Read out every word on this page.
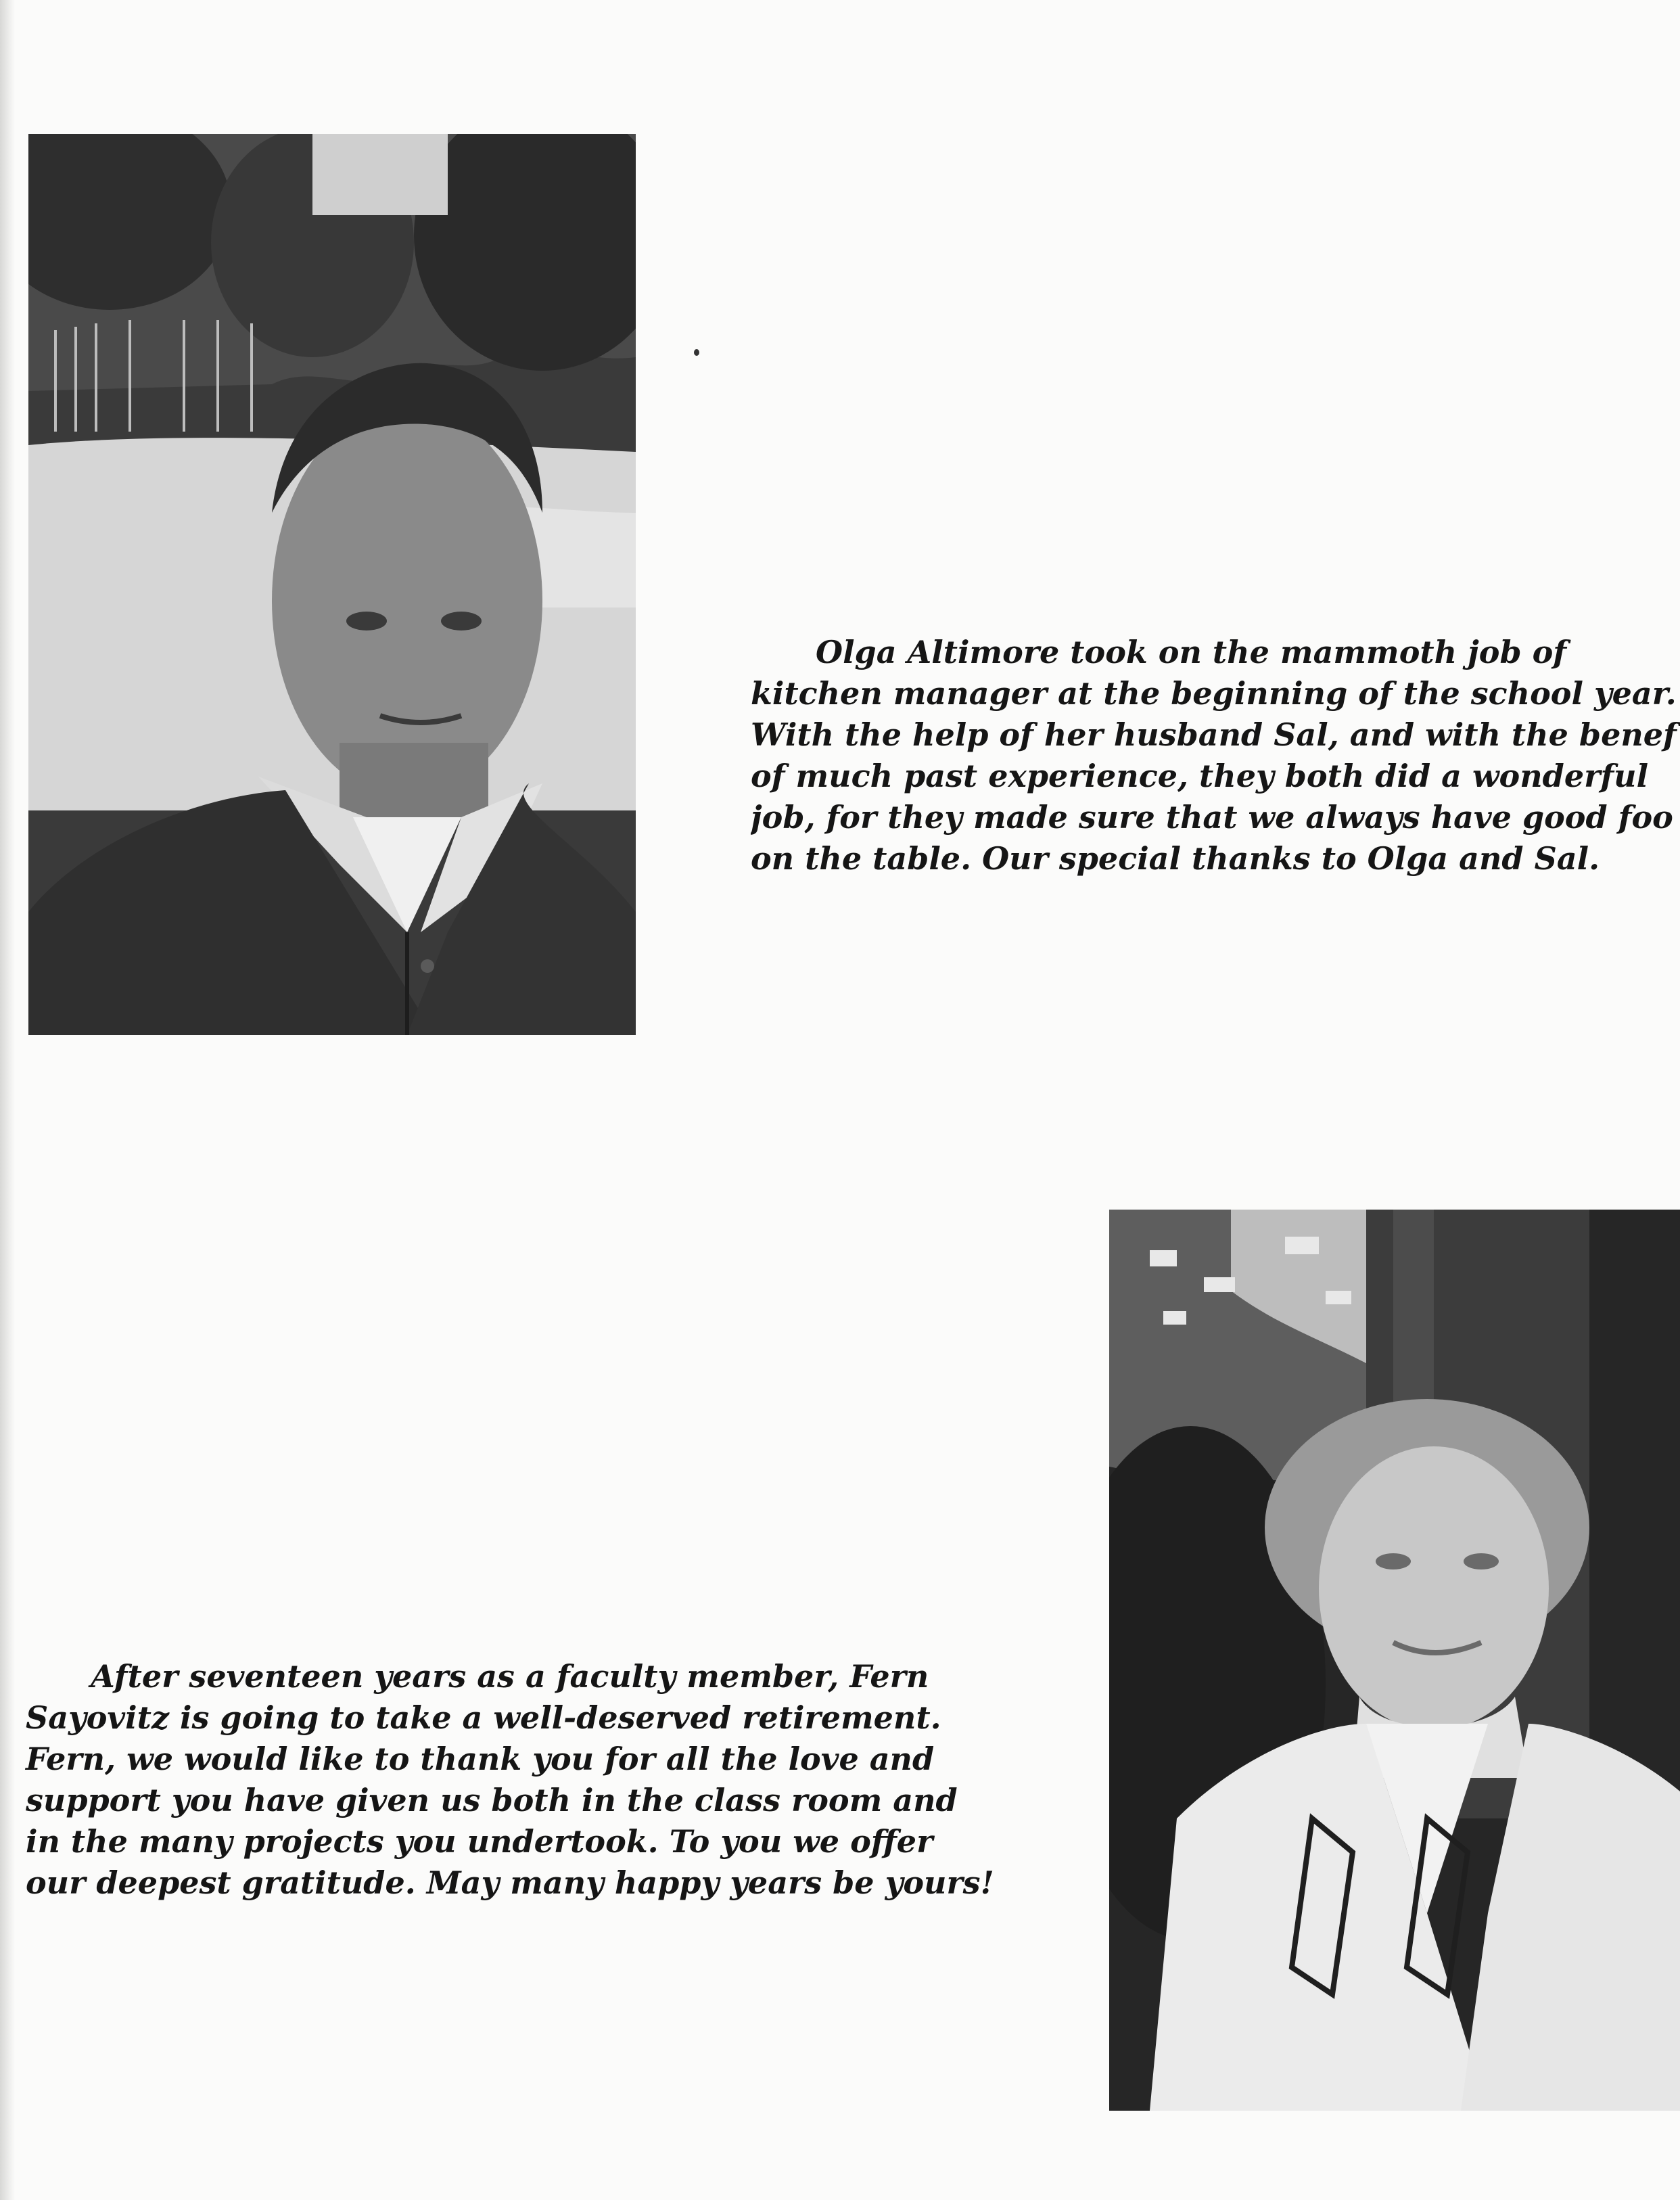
Olga Altimore took on the mammoth job of
kitchen manager at the beginning of the school year.
With the help of her husband Sal, and with the benef
of much past experience, they both did a wonderful
job, for they made sure that we always have good foo
on the table. Our special thanks to Olga and Sal.

After seventeen years as a faculty member, Fern
Sayovitz is going to take a well-deserved retirement.
Fern, we would like to thank you for all the love and
support you have given us both in the class room and
in the many projects you undertook. To you we offer
our deepest gratitude. May many happy years be yours!
